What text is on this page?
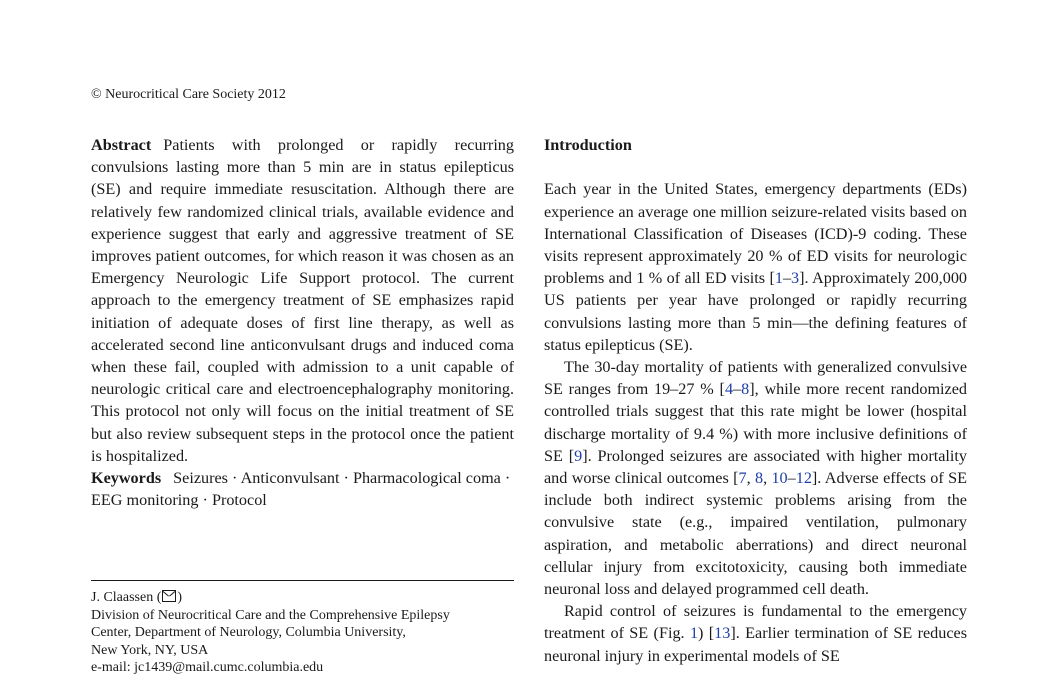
© Neurocritical Care Society 2012

Abstract Patients with prolonged or rapidly recurring convulsions lasting more than 5 min are in status epilepticus (SE) and require immediate resuscitation. Although there are relatively few randomized clinical trials, available evidence and experience suggest that early and aggressive treatment of SE improves patient outcomes, for which reason it was chosen as an Emergency Neurologic Life Support protocol. The current approach to the emergency treatment of SE emphasizes rapid initiation of adequate doses of first line therapy, as well as accelerated second line anticonvulsant drugs and induced coma when these fail, coupled with admission to a unit capable of neurologic critical care and electroencephalography monitoring. This protocol not only will focus on the initial treatment of SE but also review subsequent steps in the protocol once the patient is hospitalized.

Keywords Seizures · Anticonvulsant · Pharmacological coma · EEG monitoring · Protocol

J. Claassen ( )
Division of Neurocritical Care and the Comprehensive Epilepsy
Center, Department of Neurology, Columbia University,
New York, NY, USA
e-mail: jc1439@mail.cumc.columbia.edu
Introduction

Each year in the United States, emergency departments (EDs) experience an average one million seizure-related visits based on International Classification of Diseases (ICD)-9 coding. These visits represent approximately 20 % of ED visits for neurologic problems and 1 % of all ED visits [1–3]. Approximately 200,000 US patients per year have prolonged or rapidly recurring convulsions lasting more than 5 min—the defining features of status epilepticus (SE).

The 30-day mortality of patients with generalized convulsive SE ranges from 19–27 % [4–8], while more recent randomized controlled trials suggest that this rate might be lower (hospital discharge mortality of 9.4 %) with more inclusive definitions of SE [9]. Prolonged seizures are associated with higher mortality and worse clinical outcomes [7, 8, 10–12]. Adverse effects of SE include both indirect systemic problems arising from the convulsive state (e.g., impaired ventilation, pulmonary aspiration, and metabolic aberrations) and direct neuronal cellular injury from excitotoxicity, causing both immediate neuronal loss and delayed programmed cell death.

Rapid control of seizures is fundamental to the emergency treatment of SE (Fig. 1) [13]. Earlier termination of SE reduces neuronal injury in experimental models of SE
